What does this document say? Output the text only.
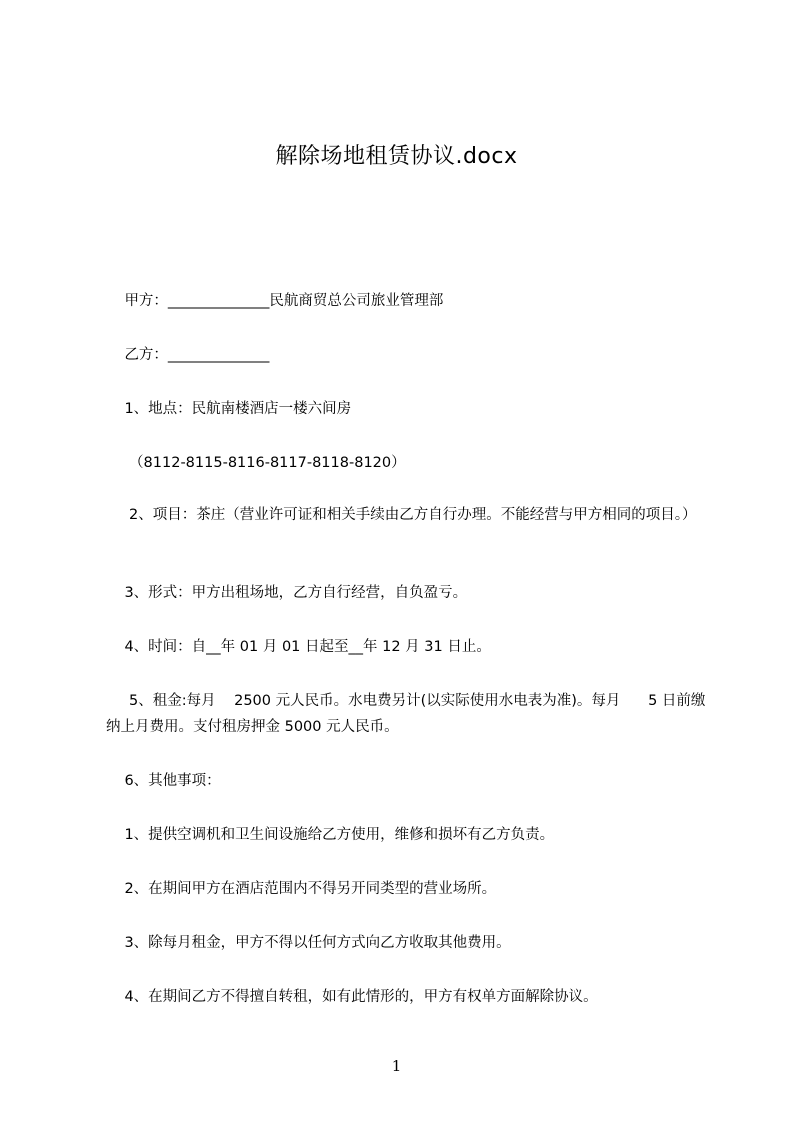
解除场地租赁协议.docx
甲方：______________民航商贸总公司旅业管理部
乙方：______________
1、地点：民航南楼酒店一楼六间房
（8112-8115-8116-8117-8118-8120）
2、项目：茶庄（营业许可证和相关手续由乙方自行办理。不能经营与甲方相同的项目。）
3、形式：甲方出租场地，乙方自行经营，自负盈亏。
4、时间：自__年 01 月 01 日起至__年 12 月 31 日止。
5、租金:每月    2500 元人民币。水电费另计(以实际使用水电表为准)。每月      5 日前缴纳上月费用。支付租房押金 5000 元人民币。
6、其他事项：
1、提供空调机和卫生间设施给乙方使用，维修和损坏有乙方负责。
2、在期间甲方在酒店范围内不得另开同类型的营业场所。
3、除每月租金，甲方不得以任何方式向乙方收取其他费用。
4、在期间乙方不得擅自转租，如有此情形的，甲方有权单方面解除协议。
1
